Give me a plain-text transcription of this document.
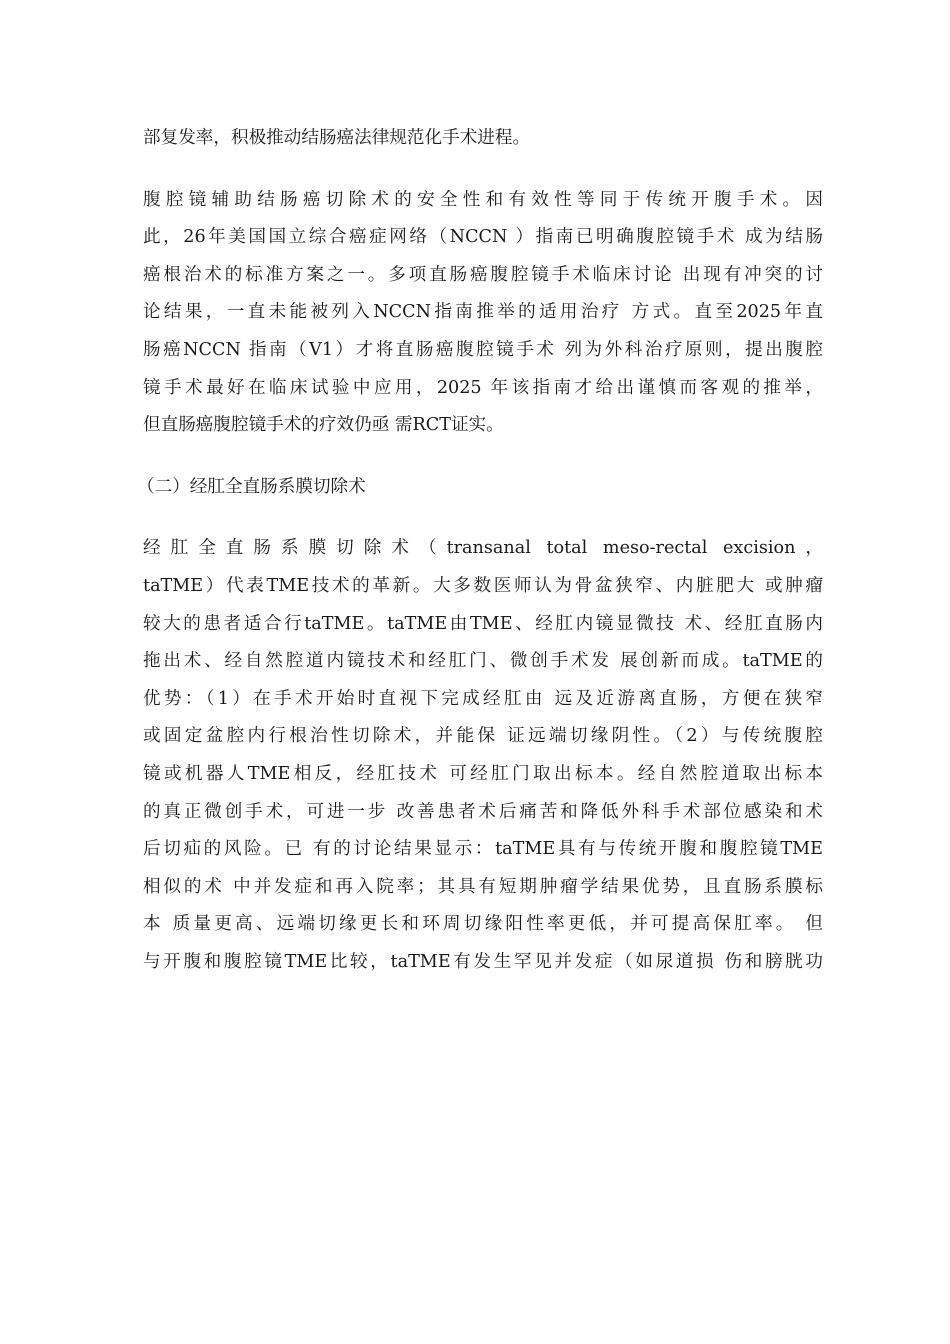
部复发率，积极推动结肠癌法律规范化手术进程。
腹腔镜辅助结肠癌切除术的安全性和有效性等同于传统开腹手术。因
此，26年美国国立综合癌症网络（NCCN ）指南已明确腹腔镜手术 成为结肠
癌根治术的标准方案之一。多项直肠癌腹腔镜手术临床讨论 出现有冲突的讨
论结果，一直未能被列入NCCN指南推举的适用治疗 方式。直至2025年直
肠癌NCCN 指南（V1）才将直肠癌腹腔镜手术 列为外科治疗原则，提出腹腔
镜手术最好在临床试验中应用，2025 年该指南才给出谨慎而客观的推举，
但直肠癌腹腔镜手术的疗效仍亟 需RCT证实。
（二）经肛全直肠系膜切除术
经肛全直肠系膜切除术（transanal total meso-rectal excision，
taTME）代表TME技术的革新。大多数医师认为骨盆狭窄、内脏肥大 或肿瘤
较大的患者适合行taTME。taTME由TME、经肛内镜显微技 术、经肛直肠内
拖出术、经自然腔道内镜技术和经肛门、微创手术发 展创新而成。taTME的
优势：（1）在手术开始时直视下完成经肛由 远及近游离直肠，方便在狭窄
或固定盆腔内行根治性切除术，并能保 证远端切缘阴性。（2）与传统腹腔
镜或机器人TME相反，经肛技术 可经肛门取出标本。经自然腔道取出标本
的真正微创手术，可进一步 改善患者术后痛苦和降低外科手术部位感染和术
后切疝的风险。已 有的讨论结果显示：taTME具有与传统开腹和腹腔镜TME
相似的术 中并发症和再入院率；其具有短期肿瘤学结果优势，且直肠系膜标
本 质量更高、远端切缘更长和环周切缘阳性率更低，并可提高保肛率。 但
与开腹和腹腔镜TME比较，taTME有发生罕见并发症（如尿道损 伤和膀胱功
